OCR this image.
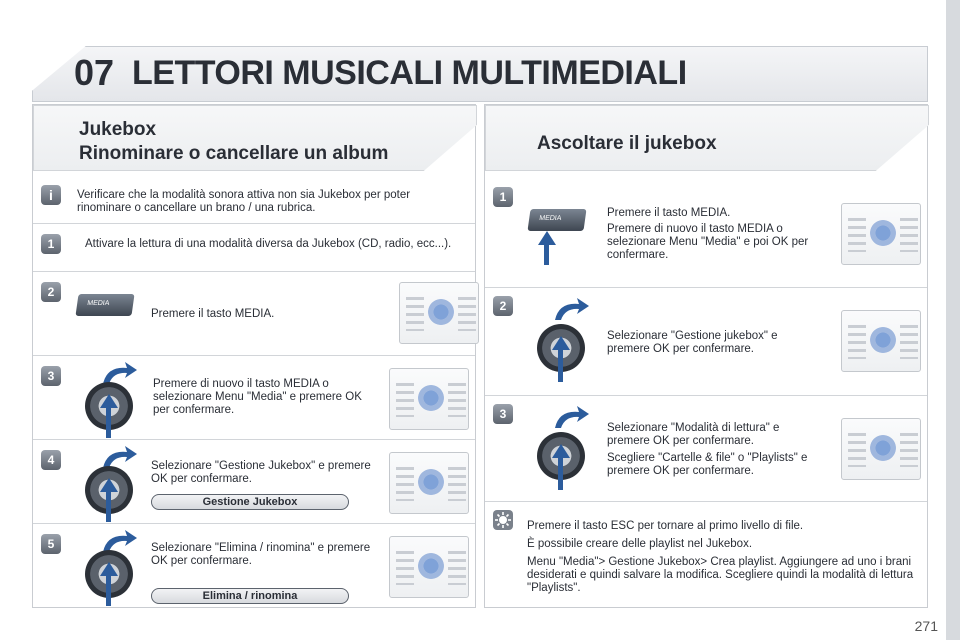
07 LETTORI MUSICALI MULTIMEDIALI
Jukebox
Rinominare o cancellare un album
i	Verificare che la modalità sonora attiva non sia Jukebox per poter rinominare o cancellare un brano / una rubrica.
1	Attivare la lettura di una modalità diversa da Jukebox (CD, radio, ecc...).
2
MEDIA
Premere il tasto MEDIA.
3
Premere di nuovo il tasto MEDIA o selezionare Menu "Media" e premere OK per confermare.
4	Selezionare "Gestione Jukebox" e premere OK per confermare.
Gestione Jukebox
5	Selezionare "Elimina / rinomina" e premere OK per confermare.
Elimina / rinomina
Ascoltare il jukebox
1
MEDIA	Premere il tasto MEDIA.
Premere di nuovo il tasto MEDIA o selezionare Menu "Media" e poi OK per confermare.
2
Selezionare "Gestione jukebox" e premere OK per confermare.
3
Selezionare "Modalità di lettura" e premere OK per confermare.
Scegliere "Cartelle & file" o "Playlists" e premere OK per confermare.
Premere il tasto ESC per tornare al primo livello di file.
È possibile creare delle playlist nel Jukebox.
Menu "Media"> Gestione Jukebox> Crea playlist. Aggiungere ad uno i brani desiderati e quindi salvare la modifica. Scegliere quindi la modalità di lettura "Playlists".
271
